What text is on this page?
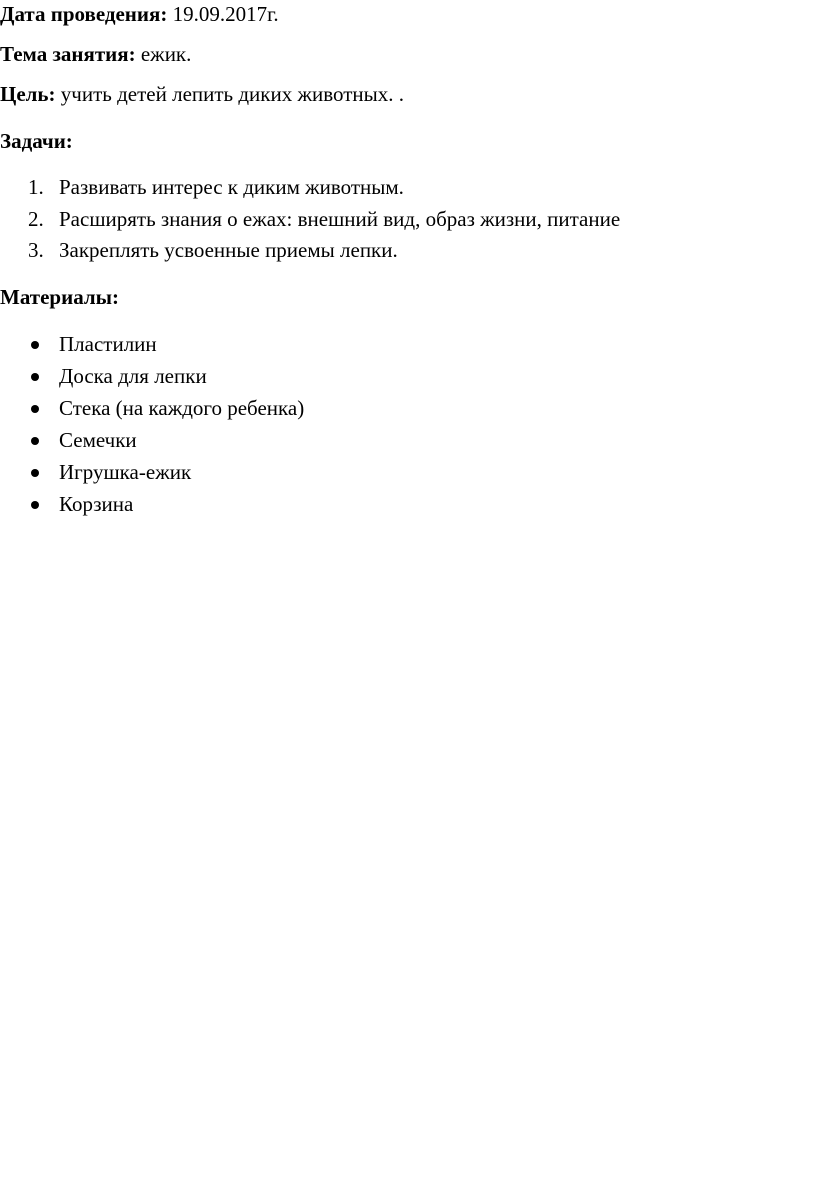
Дата проведения: 19.09.2017г.
Тема занятия: ежик.
Цель: учить детей лепить диких животных. .
Задачи:
1. Развивать интерес к диким животным.
2. Расширять знания о ежах: внешний вид, образ жизни, питание
3. Закреплять усвоенные приемы лепки.
Материалы:
Пластилин
Доска для лепки
Стека (на каждого ребенка)
Семечки
Игрушка-ежик
Корзина
